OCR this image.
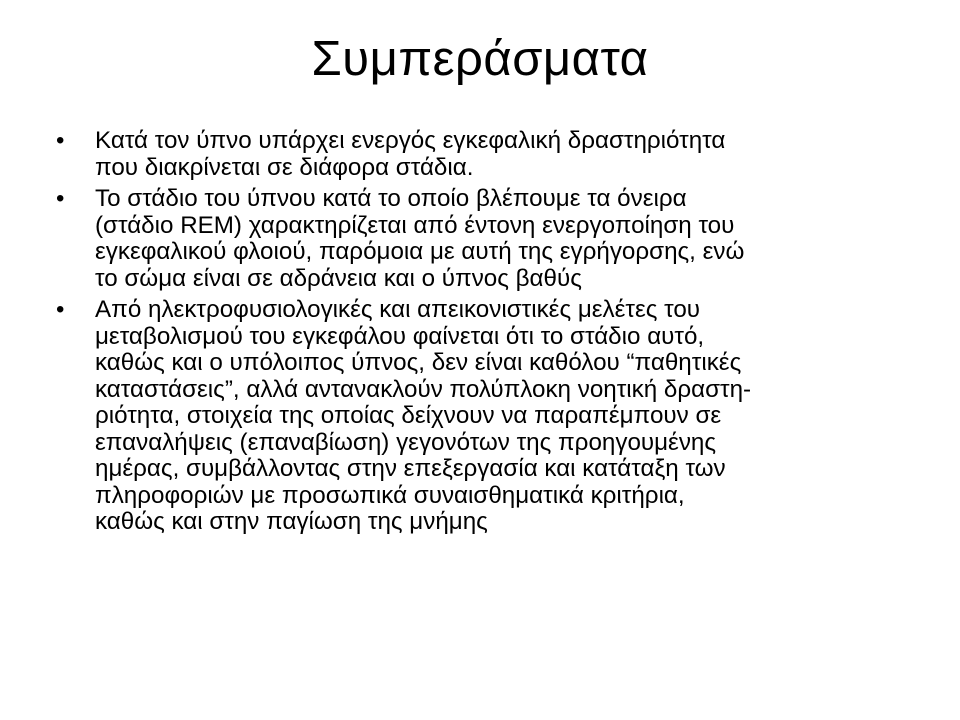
Συμπεράσματα
• Κατά τον ύπνο υπάρχει ενεργός εγκεφαλική δραστηριότητα
που διακρίνεται σε διάφορα στάδια.
• Το στάδιο του ύπνου κατά το οποίο βλέπουμε τα όνειρα
(στάδιο REM) χαρακτηρίζεται από έντονη ενεργοποίηση του
εγκεφαλικού φλοιού, παρόμοια με αυτή της εγρήγορσης, ενώ
το σώμα είναι σε αδράνεια και ο ύπνος βαθύς
• Από ηλεκτροφυσιολογικές και απεικονιστικές μελέτες του
μεταβολισμού του εγκεφάλου φαίνεται ότι το στάδιο αυτό,
καθώς και ο υπόλοιπος ύπνος, δεν είναι καθόλου “παθητικές
καταστάσεις”, αλλά αντανακλούν πολύπλοκη νοητική δραστη-
ριότητα, στοιχεία της οποίας δείχνουν να παραπέμπουν σε
επαναλήψεις (επαναβίωση) γεγονότων της προηγουμένης
ημέρας, συμβάλλοντας στην επεξεργασία και κατάταξη των
πληροφοριών με προσωπικά συναισθηματικά κριτήρια,
καθώς και στην παγίωση της μνήμης
